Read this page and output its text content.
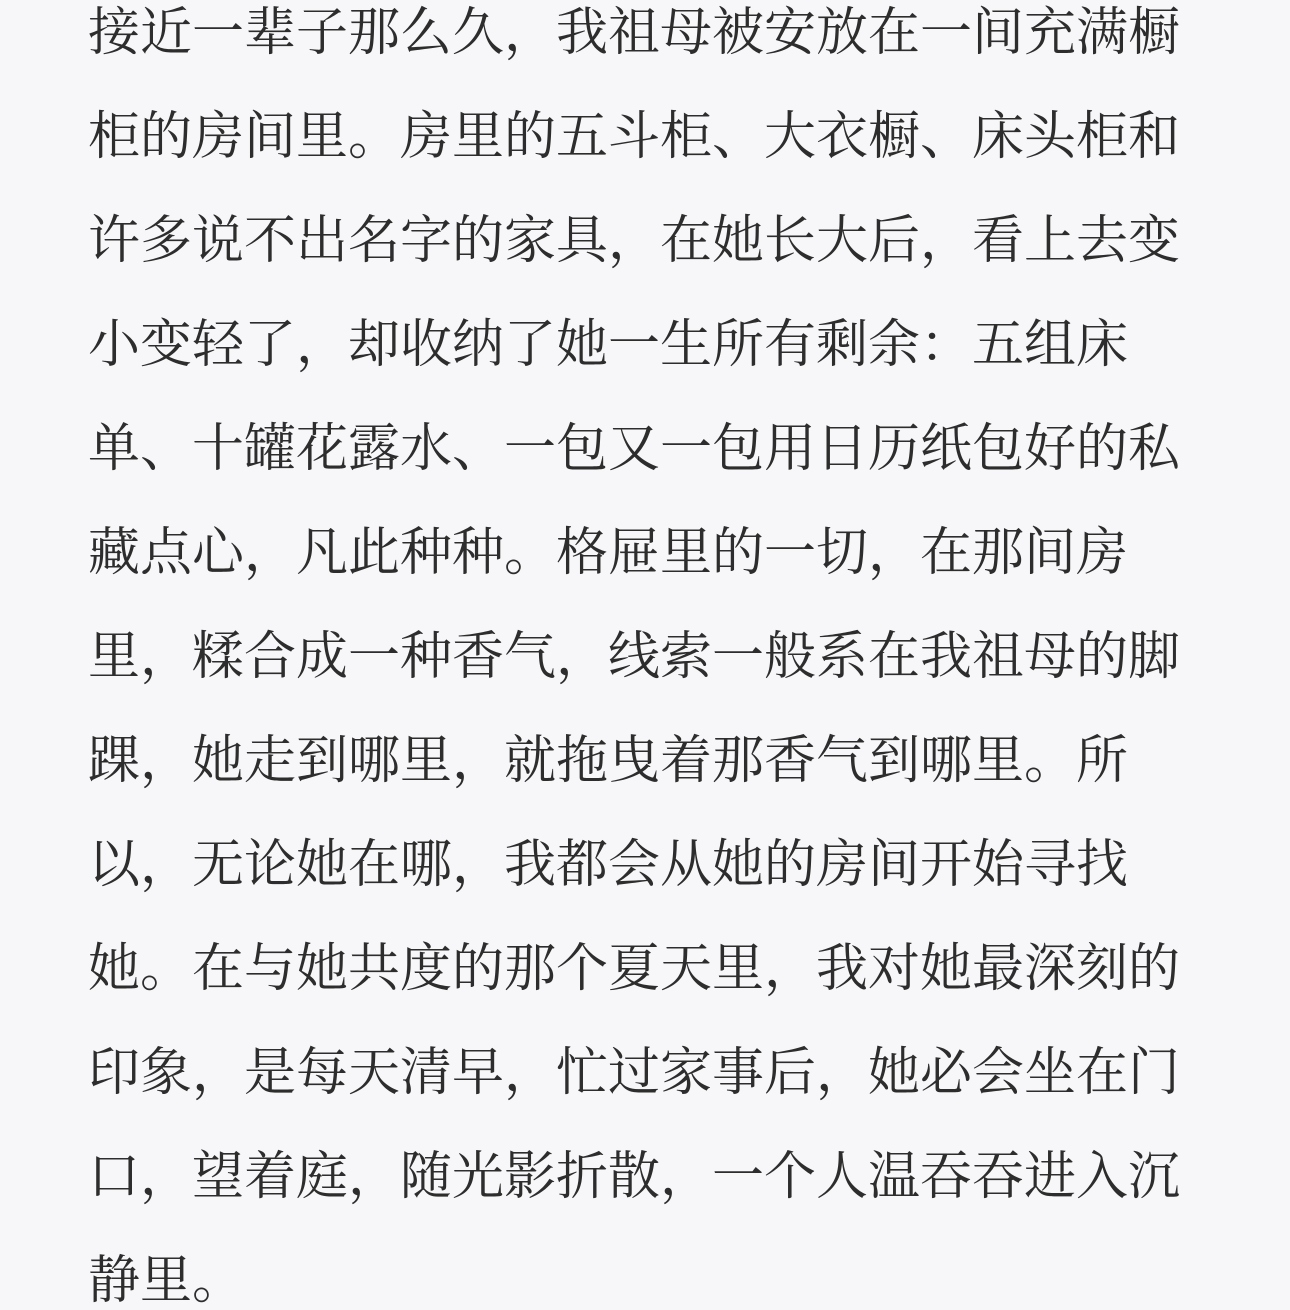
接近一辈子那么久，我祖母被安放在一间充满橱
柜的房间里。房里的五斗柜、大衣橱、床头柜和
许多说不出名字的家具，在她长大后，看上去变
小变轻了，却收纳了她一生所有剩余：五组床
单、十罐花露水、一包又一包用日历纸包好的私
藏点心，凡此种种。格屉里的一切，在那间房
里，糅合成一种香气，线索一般系在我祖母的脚
踝，她走到哪里，就拖曳着那香气到哪里。所
以，无论她在哪，我都会从她的房间开始寻找
她。在与她共度的那个夏天里，我对她最深刻的
印象，是每天清早，忙过家事后，她必会坐在门
口，望着庭，随光影折散，一个人温吞吞进入沉
静里。
